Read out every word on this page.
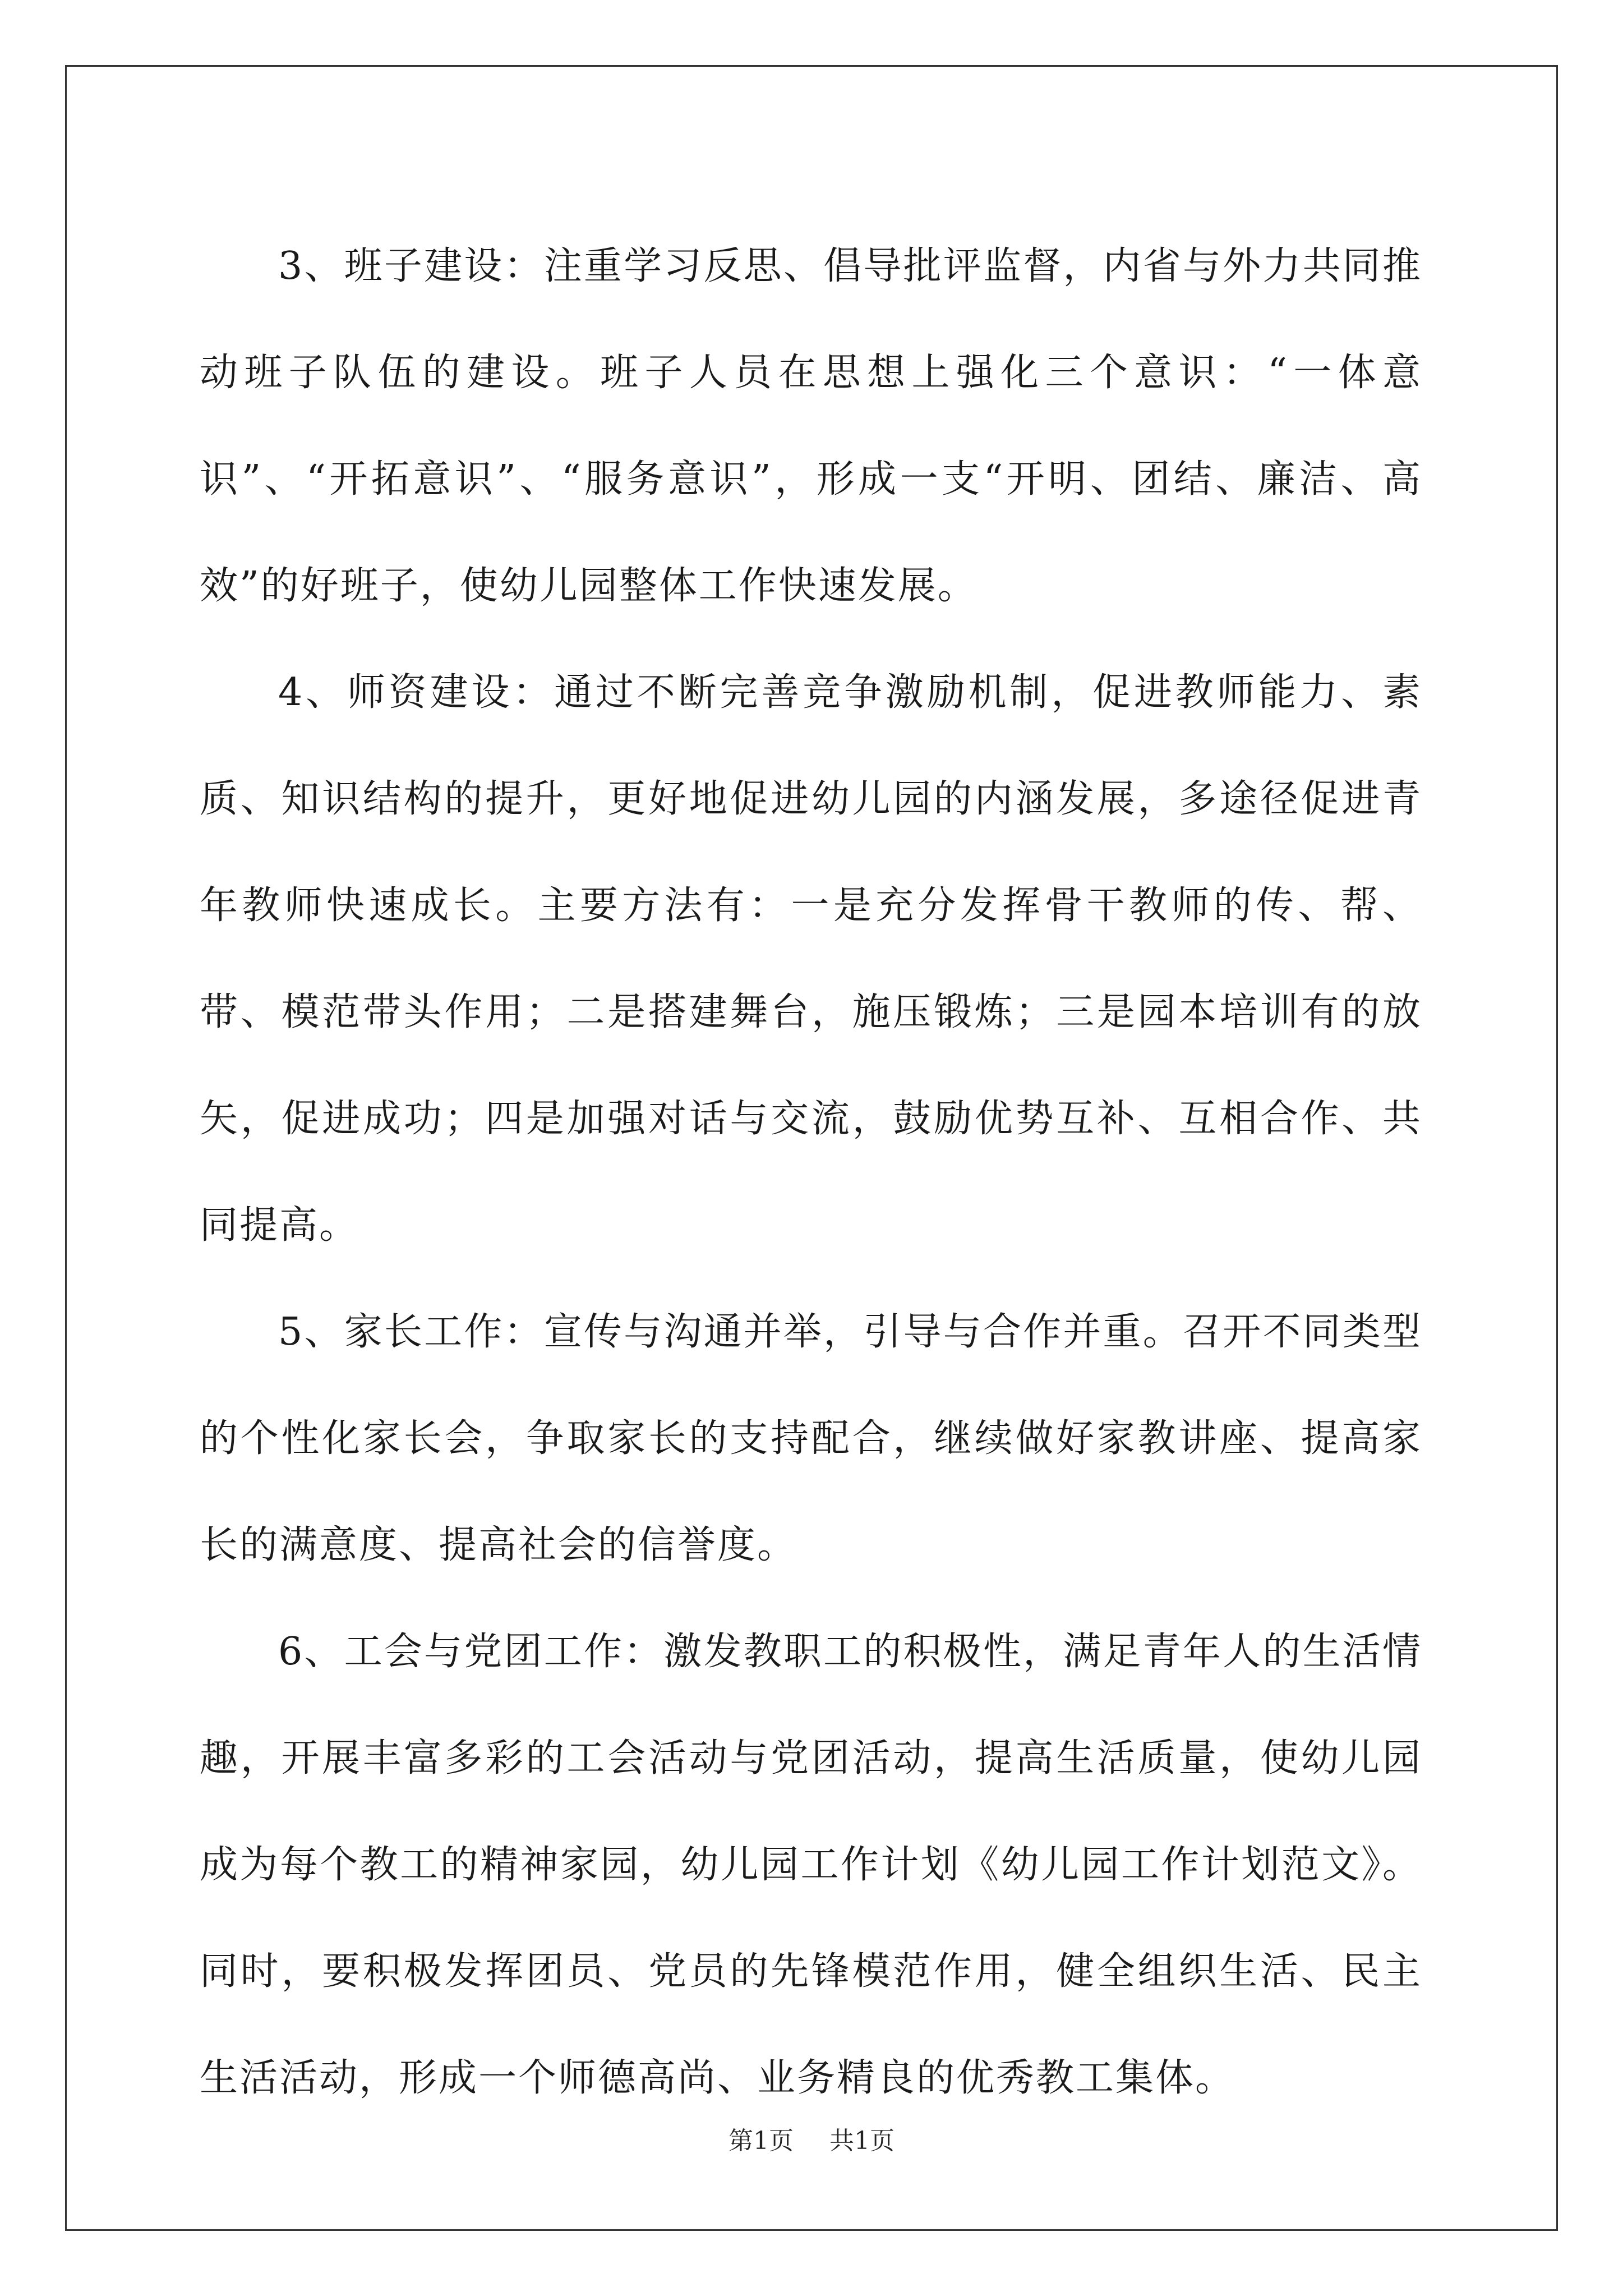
3、班子建设：注重学习反思、倡导批评监督，内省与外力共同推动班子队伍的建设。班子人员在思想上强化三个意识：“一体意识”、“开拓意识”、“服务意识”，形成一支“开明、团结、廉洁、高效”的好班子，使幼儿园整体工作快速发展。

4、师资建设：通过不断完善竞争激励机制，促进教师能力、素质、知识结构的提升，更好地促进幼儿园的内涵发展，多途径促进青年教师快速成长。主要方法有：一是充分发挥骨干教师的传、帮、带、模范带头作用；二是搭建舞台，施压锻炼；三是园本培训有的放矢，促进成功；四是加强对话与交流，鼓励优势互补、互相合作、共同提高。

5、家长工作：宣传与沟通并举，引导与合作并重。召开不同类型的个性化家长会，争取家长的支持配合，继续做好家教讲座、提高家长的满意度、提高社会的信誉度。

6、工会与党团工作：激发教职工的积极性，满足青年人的生活情趣，开展丰富多彩的工会活动与党团活动，提高生活质量，使幼儿园成为每个教工的精神家园，幼儿园工作计划《幼儿园工作计划范文》。同时，要积极发挥团员、党员的先锋模范作用，健全组织生活、民主生活活动，形成一个师德高尚、业务精良的优秀教工集体。

第1页 共1页
